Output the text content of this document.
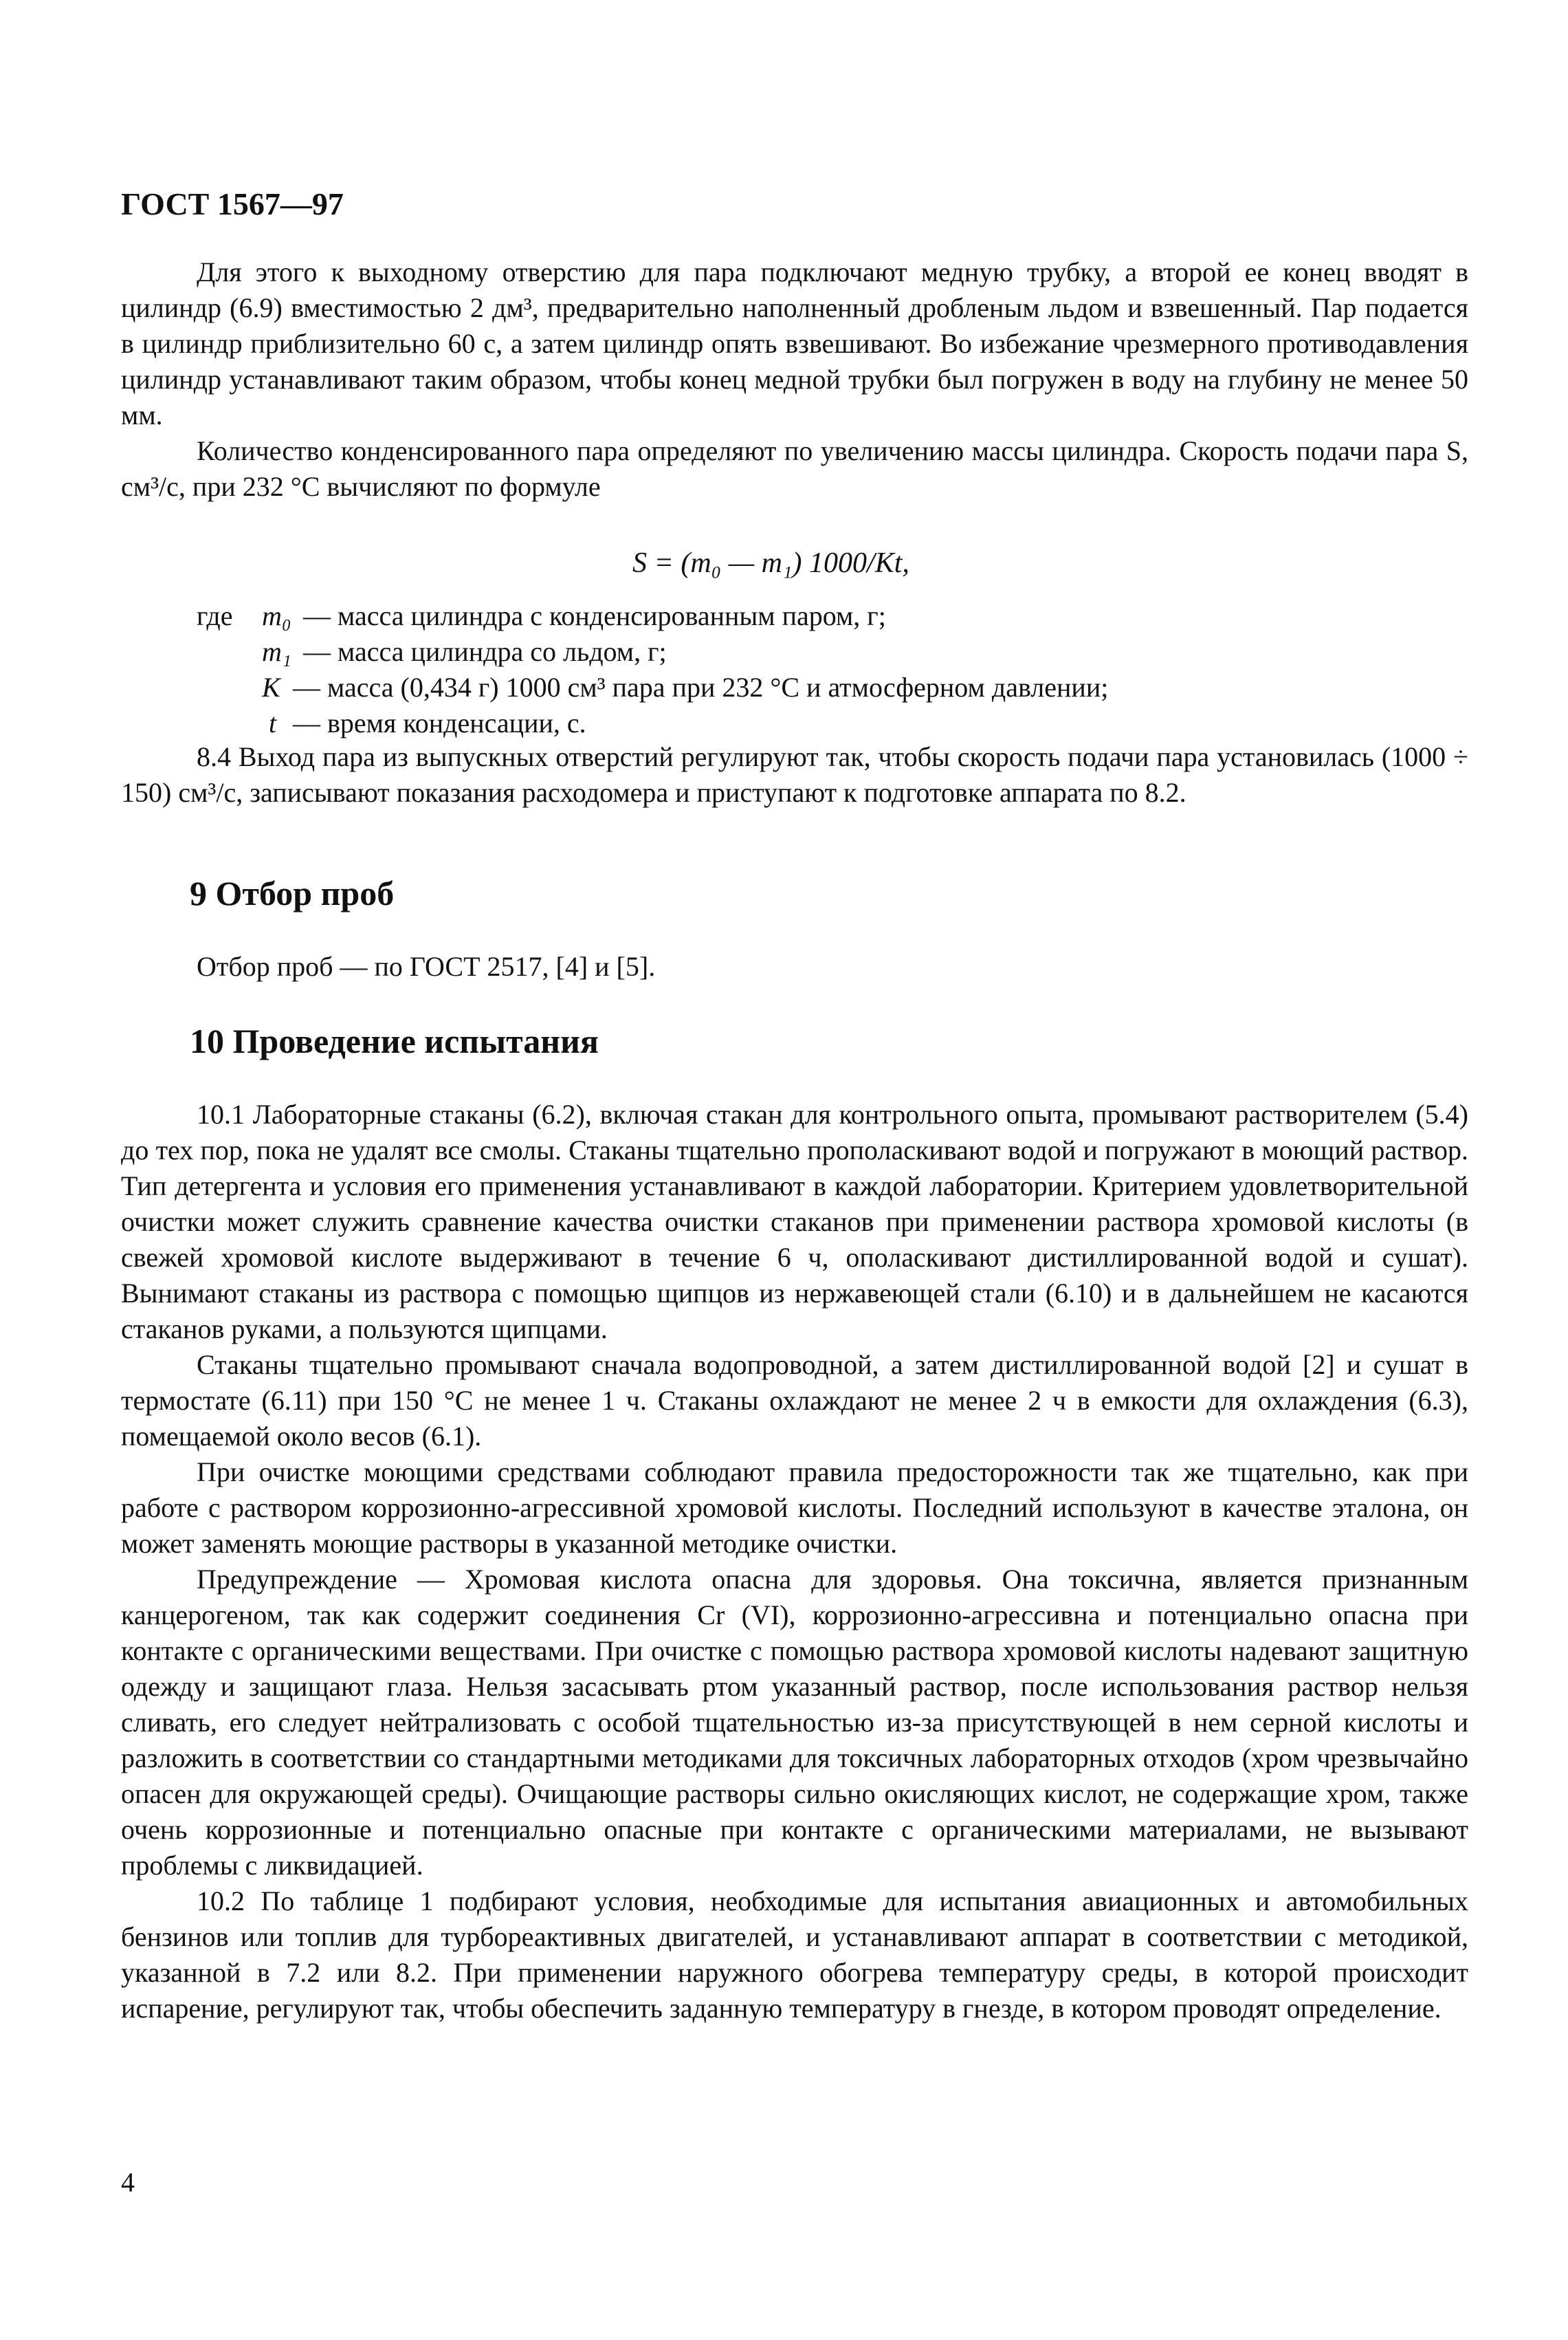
ГОСТ 1567—97

Для этого к выходному отверстию для пара подключают медную трубку, а второй ее конец вводят в цилиндр (6.9) вместимостью 2 дм³, предварительно наполненный дробленым льдом и взвешенный. Пар подается в цилиндр приблизительно 60 с, а затем цилиндр опять взвешивают. Во избежание чрезмерного противодавления цилиндр устанавливают таким образом, чтобы конец медной трубки был погружен в воду на глубину не менее 50 мм.

Количество конденсированного пара определяют по увеличению массы цилиндра. Скорость подачи пара S, см³/с, при 232 °С вычисляют по формуле

S = (m₀ — m₁) 1000/Kt,
где m₀ — масса цилиндра с конденсированным паром, г;
m₁ — масса цилиндра со льдом, г;
K — масса (0,434 г) 1000 см³ пара при 232 °С и атмосферном давлении;
t — время конденсации, с.

8.4 Выход пара из выпускных отверстий регулируют так, чтобы скорость подачи пара установилась (1000 ÷ 150) см³/с, записывают показания расходомера и приступают к подготовке аппарата по 8.2.

9 Отбор проб

Отбор проб — по ГОСТ 2517, [4] и [5].

10 Проведение испытания

10.1 Лабораторные стаканы (6.2), включая стакан для контрольного опыта, промывают растворителем (5.4) до тех пор, пока не удалят все смолы. Стаканы тщательно прополаскивают водой и погружают в моющий раствор. Тип детергента и условия его применения устанавливают в каждой лаборатории. Критерием удовлетворительной очистки может служить сравнение качества очистки стаканов при применении раствора хромовой кислоты (в свежей хромовой кислоте выдерживают в течение 6 ч, ополаскивают дистиллированной водой и сушат). Вынимают стаканы из раствора с помощью щипцов из нержавеющей стали (6.10) и в дальнейшем не касаются стаканов руками, а пользуются щипцами.

Стаканы тщательно промывают сначала водопроводной, а затем дистиллированной водой [2] и сушат в термостате (6.11) при 150 °С не менее 1 ч. Стаканы охлаждают не менее 2 ч в емкости для охлаждения (6.3), помещаемой около весов (6.1).

При очистке моющими средствами соблюдают правила предосторожности так же тщательно, как при работе с раствором коррозионно-агрессивной хромовой кислоты. Последний используют в качестве эталона, он может заменять моющие растворы в указанной методике очистки.

Предупреждение — Хромовая кислота опасна для здоровья. Она токсична, является признанным канцерогеном, так как содержит соединения Cr (VI), коррозионно-агрессивна и потенциально опасна при контакте с органическими веществами. При очистке с помощью раствора хромовой кислоты надевают защитную одежду и защищают глаза. Нельзя засасывать ртом указанный раствор, после использования раствор нельзя сливать, его следует нейтрализовать с особой тщательностью из-за присутствующей в нем серной кислоты и разложить в соответствии со стандартными методиками для токсичных лабораторных отходов (хром чрезвычайно опасен для окружающей среды). Очищающие растворы сильно окисляющих кислот, не содержащие хром, также очень коррозионные и потенциально опасные при контакте с органическими материалами, не вызывают проблемы с ликвидацией.

10.2 По таблице 1 подбирают условия, необходимые для испытания авиационных и автомобильных бензинов или топлив для турбореактивных двигателей, и устанавливают аппарат в соответствии с методикой, указанной в 7.2 или 8.2. При применении наружного обогрева температуру среды, в которой происходит испарение, регулируют так, чтобы обеспечить заданную температуру в гнезде, в котором проводят определение.

4
